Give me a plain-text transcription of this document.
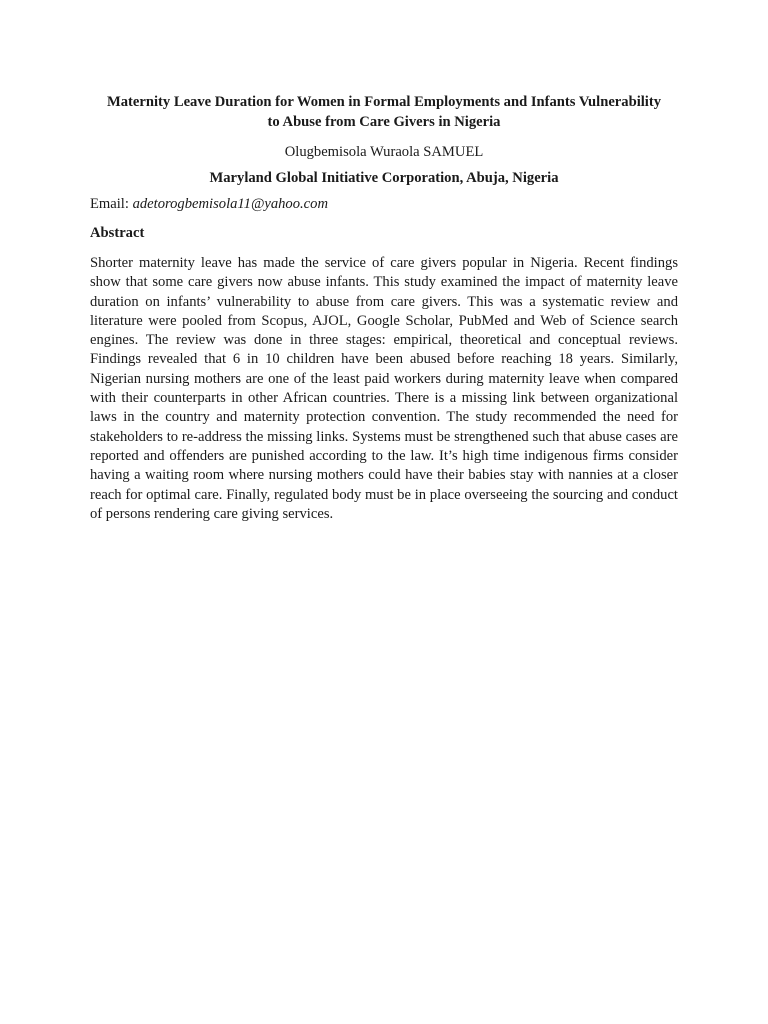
Maternity Leave Duration for Women in Formal Employments and Infants Vulnerability
to Abuse from Care Givers in Nigeria

Olugbemisola Wuraola SAMUEL

Maryland Global Initiative Corporation, Abuja, Nigeria

Email: adetorogbemisola11@yahoo.com

Abstract

Shorter maternity leave has made the service of care givers popular in Nigeria. Recent findings show that some care givers now abuse infants. This study examined the impact of maternity leave duration on infants’ vulnerability to abuse from care givers. This was a systematic review and literature were pooled from Scopus, AJOL, Google Scholar, PubMed and Web of Science search engines. The review was done in three stages: empirical, theoretical and conceptual reviews. Findings revealed that 6 in 10 children have been abused before reaching 18 years. Similarly, Nigerian nursing mothers are one of the least paid workers during maternity leave when compared with their counterparts in other African countries. There is a missing link between organizational laws in the country and maternity protection convention. The study recommended the need for stakeholders to re-address the missing links. Systems must be strengthened such that abuse cases are reported and offenders are punished according to the law. It’s high time indigenous firms consider having a waiting room where nursing mothers could have their babies stay with nannies at a closer reach for optimal care. Finally, regulated body must be in place overseeing the sourcing and conduct of persons rendering care giving services.
